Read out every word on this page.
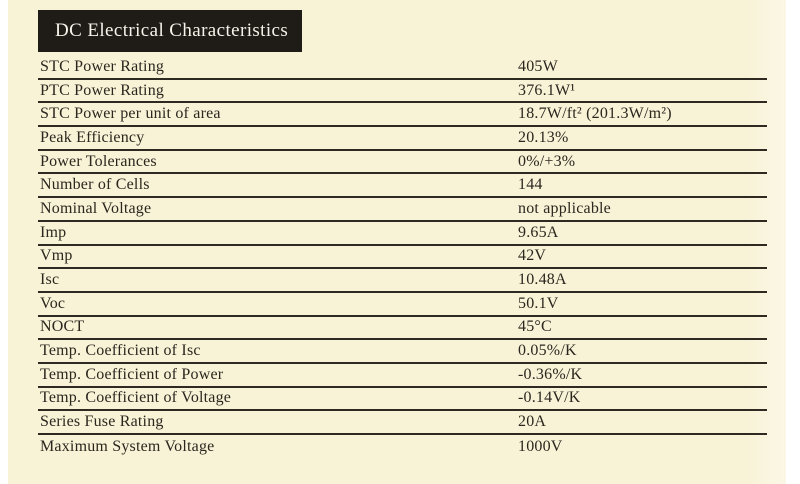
DC Electrical Characteristics
STC Power Rating	405W
PTC Power Rating	376.1W¹
STC Power per unit of area	18.7W/ft² (201.3W/m²)
Peak Efficiency	20.13%
Power Tolerances	0%/+3%
Number of Cells	144
Nominal Voltage	not applicable
Imp	9.65A
Vmp	42V
Isc	10.48A
Voc	50.1V
NOCT	45°C
Temp. Coefficient of Isc	0.05%/K
Temp. Coefficient of Power	-0.36%/K
Temp. Coefficient of Voltage	-0.14V/K
Series Fuse Rating	20A
Maximum System Voltage	1000V
